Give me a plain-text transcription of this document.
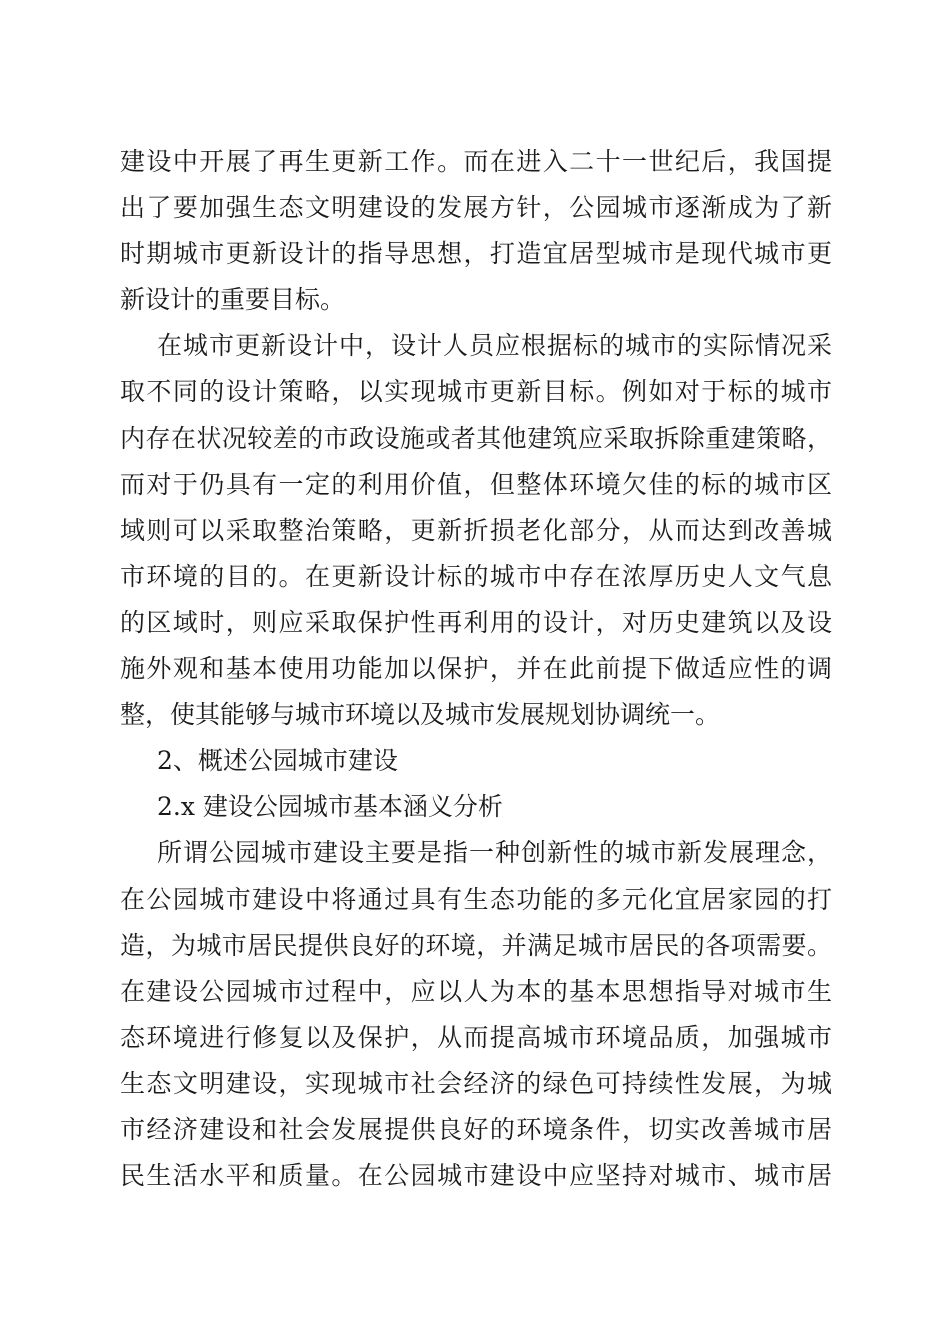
建设中开展了再生更新工作。而在进入二十一世纪后，我国提
出了要加强生态文明建设的发展方针，公园城市逐渐成为了新
时期城市更新设计的指导思想，打造宜居型城市是现代城市更
新设计的重要目标。
在城市更新设计中，设计人员应根据标的城市的实际情况采
取不同的设计策略，以实现城市更新目标。例如对于标的城市
内存在状况较差的市政设施或者其他建筑应采取拆除重建策略，
而对于仍具有一定的利用价值，但整体环境欠佳的标的城市区
域则可以采取整治策略，更新折损老化部分，从而达到改善城
市环境的目的。在更新设计标的城市中存在浓厚历史人文气息
的区域时，则应采取保护性再利用的设计，对历史建筑以及设
施外观和基本使用功能加以保护，并在此前提下做适应性的调
整，使其能够与城市环境以及城市发展规划协调统一。
2、概述公园城市建设
2.x 建设公园城市基本涵义分析
所谓公园城市建设主要是指一种创新性的城市新发展理念，
在公园城市建设中将通过具有生态功能的多元化宜居家园的打
造，为城市居民提供良好的环境，并满足城市居民的各项需要。
在建设公园城市过程中，应以人为本的基本思想指导对城市生
态环境进行修复以及保护，从而提高城市环境品质，加强城市
生态文明建设，实现城市社会经济的绿色可持续性发展，为城
市经济建设和社会发展提供良好的环境条件，切实改善城市居
民生活水平和质量。在公园城市建设中应坚持对城市、城市居
